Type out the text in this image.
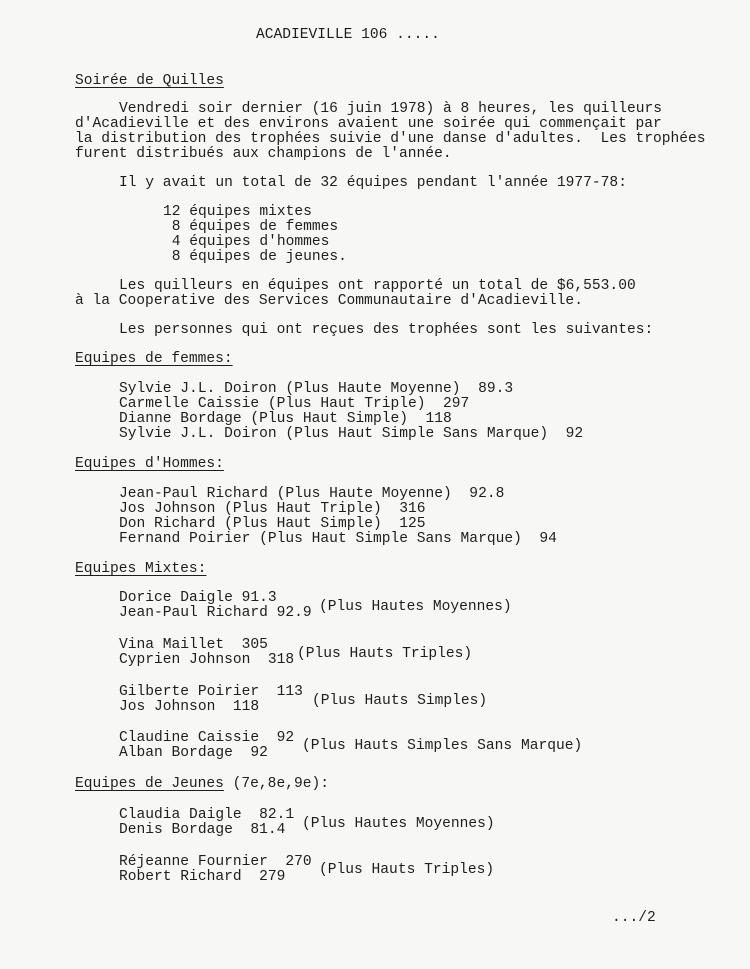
ACADIEVILLE 106 .....
Soirée de Quilles
Vendredi soir dernier (16 juin 1978) à 8 heures, les quilleurs
d'Acadieville et des environs avaient une soirée qui commençait par
la distribution des trophées suivie d'une danse d'adultes.  Les trophées
furent distribués aux champions de l'année.
Il y avait un total de 32 équipes pendant l'année 1977-78:
12 équipes mixtes
8 équipes de femmes
4 équipes d'hommes
8 équipes de jeunes.
Les quilleurs en équipes ont rapporté un total de $6,553.00
à la Cooperative des Services Communautaire d'Acadieville.
Les personnes qui ont reçues des trophées sont les suivantes:
Equipes de femmes:
Sylvie J.L. Doiron (Plus Haute Moyenne)  89.3
Carmelle Caissie (Plus Haut Triple)  297
Dianne Bordage (Plus Haut Simple)  118
Sylvie J.L. Doiron (Plus Haut Simple Sans Marque)  92
Equipes d'Hommes:
Jean-Paul Richard (Plus Haute Moyenne)  92.8
Jos Johnson (Plus Haut Triple)  316
Don Richard (Plus Haut Simple)  125
Fernand Poirier (Plus Haut Simple Sans Marque)  94
Equipes Mixtes:
Dorice Daigle 91.3
Jean-Paul Richard 92.9 (Plus Hautes Moyennes)
Vina Maillet  305
Cyprien Johnson  318 (Plus Hauts Triples)
Gilberte Poirier  113
Jos Johnson  118	(Plus Hauts Simples)
Claudine Caissie  92
Alban Bordage  92 (Plus Hauts Simples Sans Marque)
Equipes de Jeunes (7e,8e,9e):
Claudia Daigle  82.1
Denis Bordage  81.4 (Plus Hautes Moyennes)
Réjeanne Fournier  270
Robert Richard  279 (Plus Hauts Triples)
.../2
